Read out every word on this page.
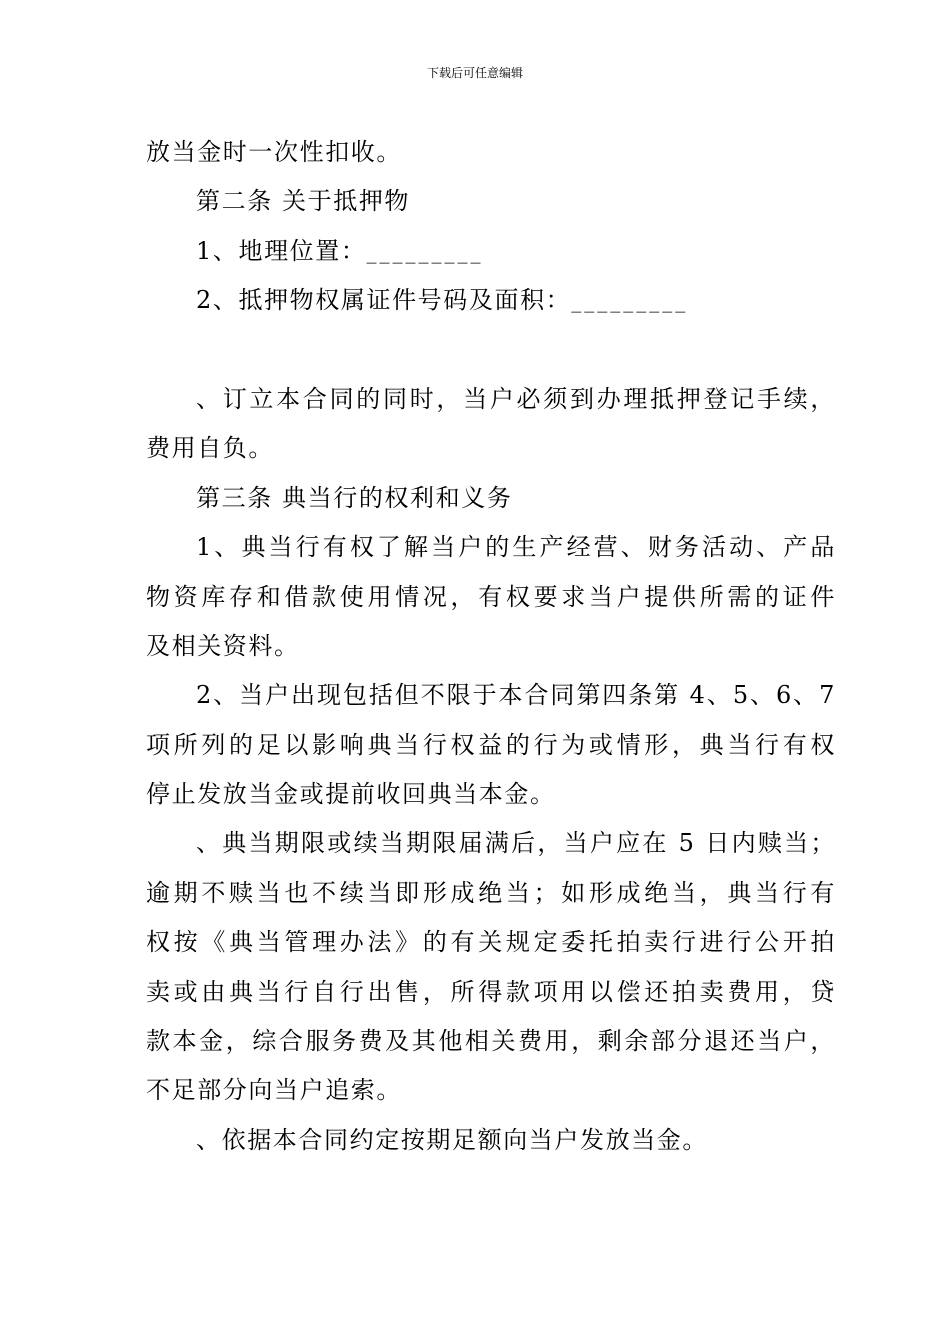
下载后可任意编辑
放当金时一次性扣收。
第二条 关于抵押物
1、地理位置：_________
2、抵押物权属证件号码及面积：_________
、订立本合同的同时，当户必须到办理抵押登记手续，
费用自负。
第三条 典当行的权利和义务
1、典当行有权了解当户的生产经营、财务活动、产品
物资库存和借款使用情况，有权要求当户提供所需的证件
及相关资料。
2、当户出现包括但不限于本合同第四条第 4、5、6、7
项所列的足以影响典当行权益的行为或情形，典当行有权
停止发放当金或提前收回典当本金。
、典当期限或续当期限届满后，当户应在 5 日内赎当；
逾期不赎当也不续当即形成绝当；如形成绝当，典当行有
权按《典当管理办法》的有关规定委托拍卖行进行公开拍
卖或由典当行自行出售，所得款项用以偿还拍卖费用，贷
款本金，综合服务费及其他相关费用，剩余部分退还当户，
不足部分向当户追索。
、依据本合同约定按期足额向当户发放当金。
